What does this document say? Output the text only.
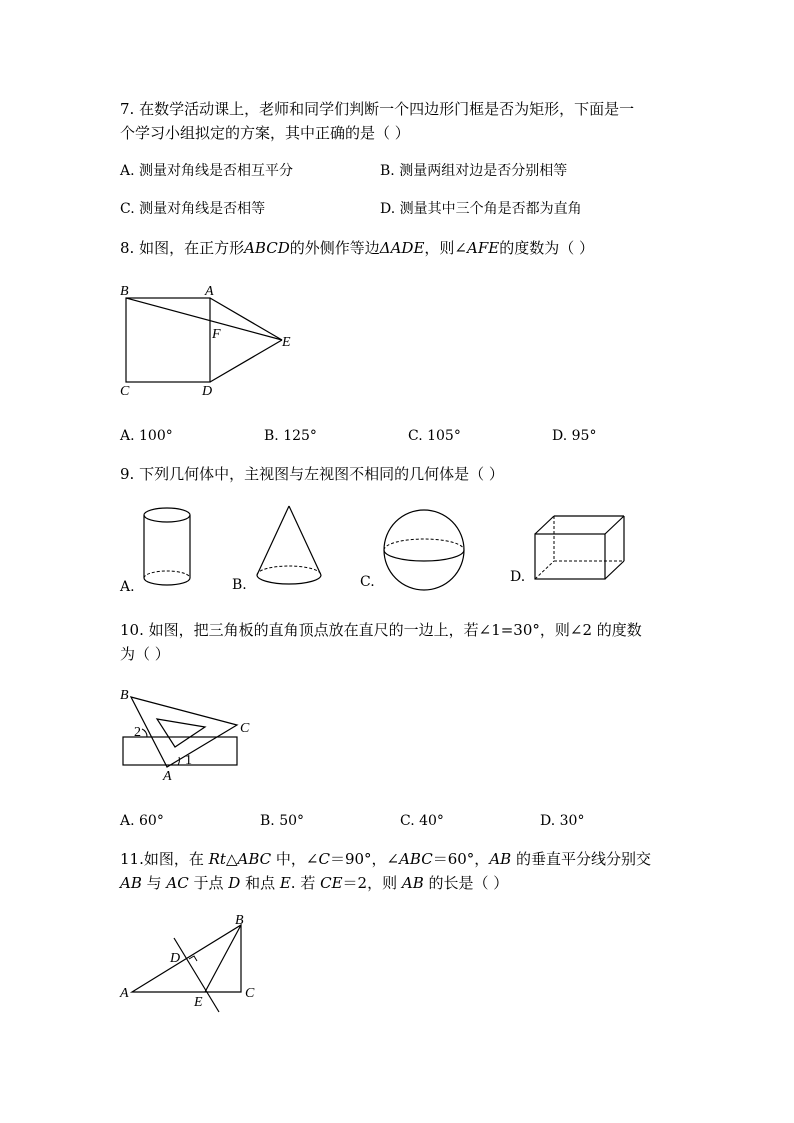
7. 在数学活动课上，老师和同学们判断一个四边形门框是否为矩形，下面是一
个学习小组拟定的方案，其中正确的是（ ）
A. 测量对角线是否相互平分	B. 测量两组对边是否分别相等
C. 测量对角线是否相等	D. 测量其中三个角是否都为直角
8. 如图，在正方形ABCD的外侧作等边ΔADE，则∠AFE的度数为（ ）
B	A
F
E
C	D
A. 100°	B. 125°	C. 105°	D. 95°
9. 下列几何体中，主视图与左视图不相同的几何体是（ ）
A.	B.	C.	D.
10. 如图，把三角板的直角顶点放在直尺的一边上，若∠1=30°，则∠2 的度数
为（ ）
B
C
A
2
1
A. 60°	B. 50°	C. 40°	D. 30°
11.如图，在 Rt△ABC 中，∠C＝90°，∠ABC＝60°，AB 的垂直平分线分别交
AB 与 AC 于点 D 和点 E. 若 CE＝2，则 AB 的长是（ ）
B
D
A
E
C
